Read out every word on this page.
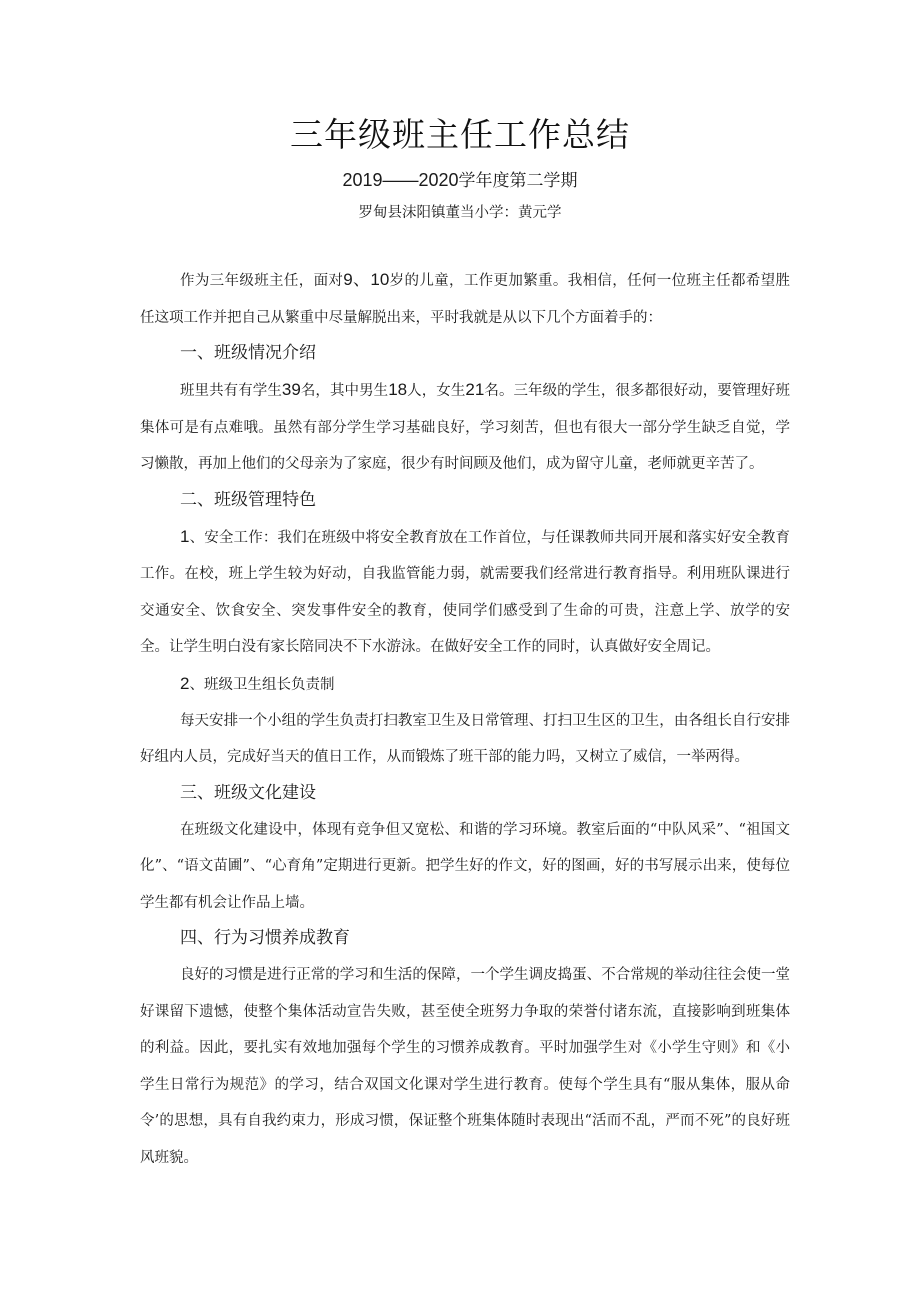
三年级班主任工作总结
2019——2020学年度第二学期
罗甸县沫阳镇董当小学：黄元学

作为三年级班主任，面对9、10岁的儿童，工作更加繁重。我相信，任何一位班主任都希望胜任这项工作并把自己从繁重中尽量解脱出来，平时我就是从以下几个方面着手的：

一、班级情况介绍

班里共有有学生39名，其中男生18人，女生21名。三年级的学生，很多都很好动，要管理好班集体可是有点难哦。虽然有部分学生学习基础良好，学习刻苦，但也有很大一部分学生缺乏自觉，学习懒散，再加上他们的父母亲为了家庭，很少有时间顾及他们，成为留守儿童，老师就更辛苦了。

二、班级管理特色

1、安全工作：我们在班级中将安全教育放在工作首位，与任课教师共同开展和落实好安全教育工作。在校，班上学生较为好动，自我监管能力弱，就需要我们经常进行教育指导。利用班队课进行交通安全、饮食安全、突发事件安全的教育，使同学们感受到了生命的可贵，注意上学、放学的安全。让学生明白没有家长陪同决不下水游泳。在做好安全工作的同时，认真做好安全周记。

2、班级卫生组长负责制

每天安排一个小组的学生负责打扫教室卫生及日常管理、打扫卫生区的卫生，由各组长自行安排好组内人员，完成好当天的值日工作，从而锻炼了班干部的能力吗，又树立了威信，一举两得。

三、班级文化建设

在班级文化建设中，体现有竞争但又宽松、和谐的学习环境。教室后面的“中队风采”、“祖国文化”、“语文苗圃”、“心育角”定期进行更新。把学生好的作文，好的图画，好的书写展示出来，使每位学生都有机会让作品上墙。

四、行为习惯养成教育

良好的习惯是进行正常的学习和生活的保障，一个学生调皮捣蛋、不合常规的举动往往会使一堂好课留下遗憾，使整个集体活动宣告失败，甚至使全班努力争取的荣誉付诸东流，直接影响到班集体的利益。因此，要扎实有效地加强每个学生的习惯养成教育。平时加强学生对《小学生守则》和《小学生日常行为规范》的学习，结合双国文化课对学生进行教育。使每个学生具有“服从集体，服从命令’的思想，具有自我约束力，形成习惯，保证整个班集体随时表现出“活而不乱，严而不死”的良好班风班貌。
